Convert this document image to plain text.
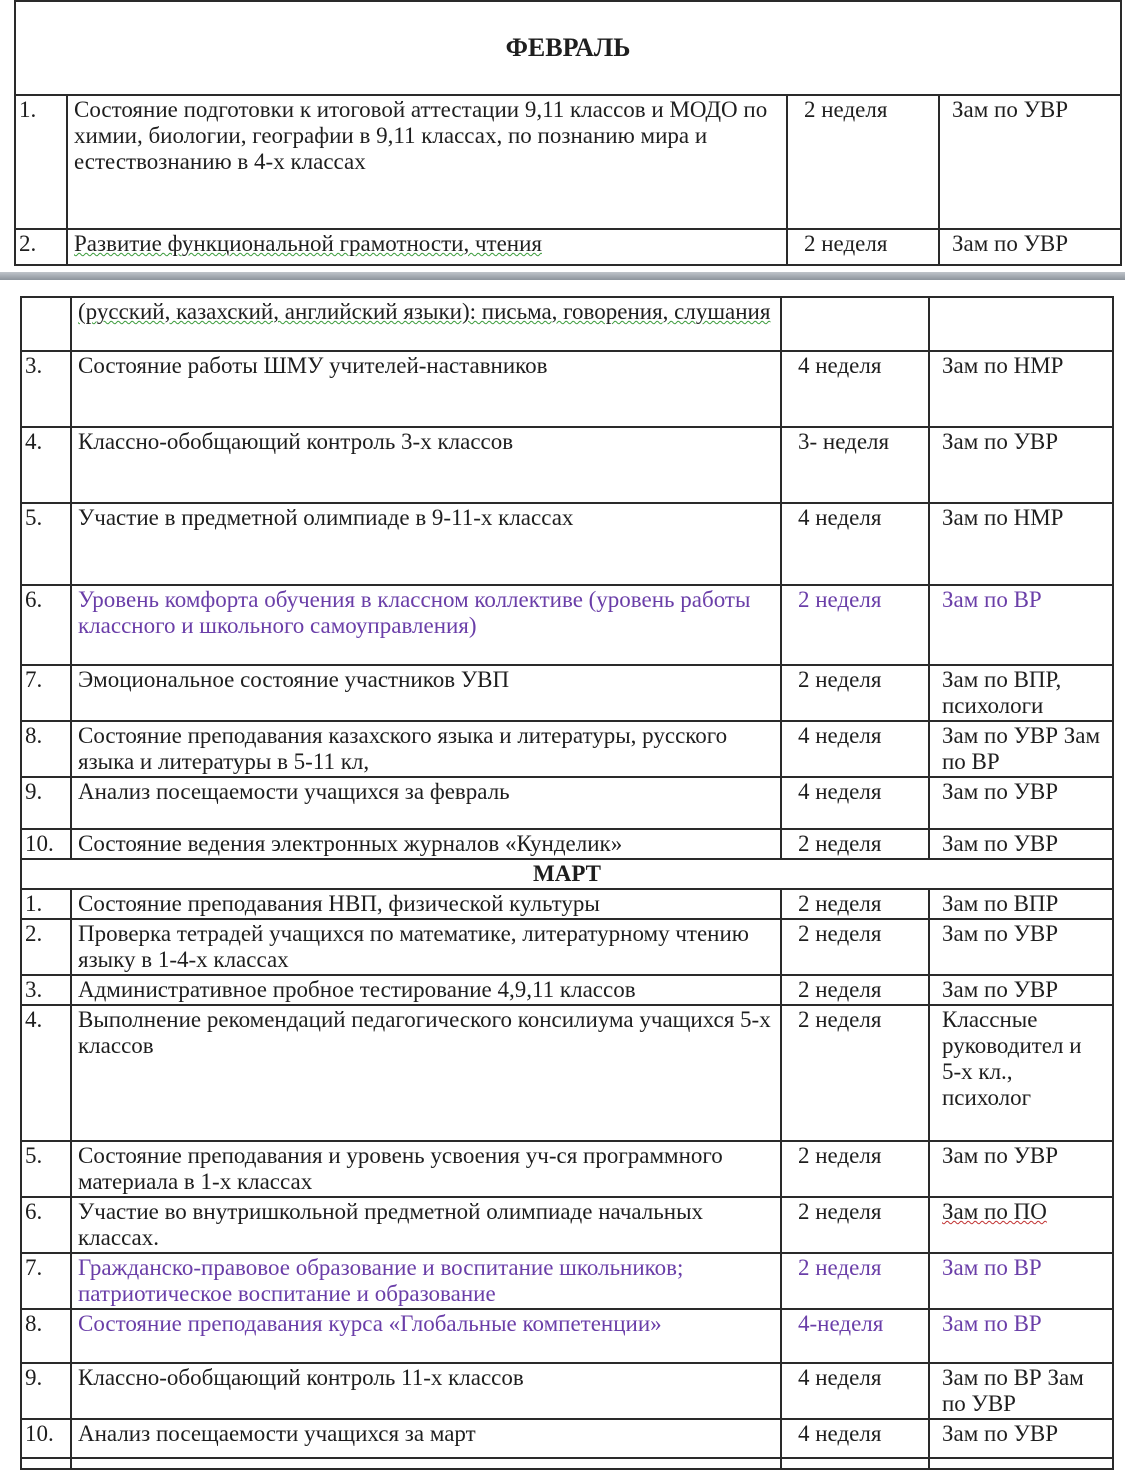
ФЕВРАЛЬ			
1.	Состояние подготовки к итоговой аттестации 9,11 классов и МОДО по химии, биологии, географии в 9,11 классах, по познанию мира и естествознанию в 4-х классах	2 неделя	Зам по УВР
2.	Развитие функциональной грамотности, чтения	2 неделя	Зам по УВР
	(русский, казахский, английский языки): письма, говорения, слушания		
3.	Состояние работы ШМУ учителей-наставников	4 неделя	Зам по НМР
4.	Классно-обобщающий контроль 3-х классов	3- неделя	Зам по УВР
5.	Участие в предметной олимпиаде в 9-11-х классах	4 неделя	Зам по НМР
6.	Уровень комфорта обучения в классном коллективе (уровень работы классного и школьного самоуправления)	2 неделя	Зам по ВР
7.	Эмоциональное состояние участников УВП	2 неделя	Зам по ВПР, психологи
8.	Состояние преподавания казахского языка и литературы, русского языка и литературы в 5-11 кл,	4 неделя	Зам по УВР Зам по ВР
9.	Анализ посещаемости учащихся за февраль	4 неделя	Зам по УВР
10.	Состояние ведения электронных журналов «Кунделик»	2 неделя	Зам по УВР
МАРТ			
1.	Состояние преподавания НВП, физической культуры	2 неделя	Зам по ВПР
2.	Проверка тетрадей учащихся по математике, литературному чтению языку в 1-4-х классах	2 неделя	Зам по УВР
3.	Административное пробное тестирование 4,9,11 классов	2 неделя	Зам по УВР
4.	Выполнение рекомендаций педагогического консилиума учащихся 5-х классов	2 неделя	Классные руководител и 5-х кл., психолог
5.	Состояние преподавания и уровень усвоения уч-ся программного материала в 1-х классах	2 неделя	Зам по УВР
6.	Участие во внутришкольной предметной олимпиаде начальных классах.	2 неделя	Зам по ПО
7.	Гражданско-правовое образование и воспитание школьников; патриотическое воспитание и образование	2 неделя	Зам по ВР
8.	Состояние преподавания курса «Глобальные компетенции»	4-неделя	Зам по ВР
9.	Классно-обобщающий контроль 11-х классов	4 неделя	Зам по ВР Зам по УВР
10.	Анализ посещаемости учащихся за март	4 неделя	Зам по УВР
